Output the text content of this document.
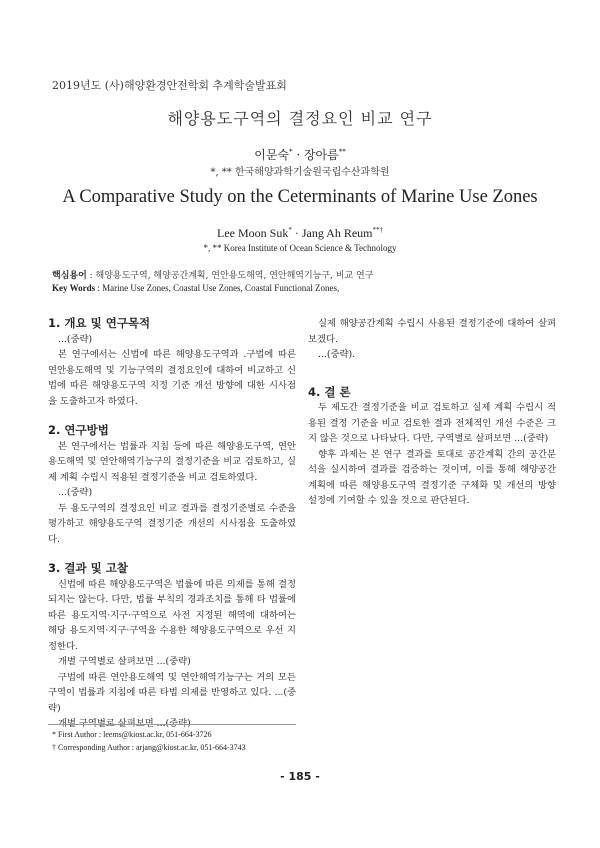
2019년도 (사)해양환경안전학회 추계학술발표회
해양용도구역의 결정요인 비교 연구
이문숙* · 장아름**
*, ** 한국해양과학기술원국립수산과학원
A Comparative Study on the Ceterminants of Marine Use Zones
Lee Moon Suk* · Jang Ah Reum**†
*, ** Korea Institute of Ocean Science & Technology
핵심용어 : 해양용도구역, 해양공간계획, 연안용도해역, 연안해역기능구, 비교 연구
Key Words : Marine Use Zones, Coastal Use Zones, Coastal Functional Zones,
1. 개요 및 연구목적

...(중략)

본 연구에서는 신법에 따른 해양용도구역과 .구법에 따른 연안용도해역 및 기능구역의 결정요인에 대하여 비교하고 신법에 따른 해양용도구역 지정 기준 개선 방향에 대한 시사점을 도출하고자 하였다.

2. 연구방법

본 연구에서는 법률과 지침 등에 따른 해양용도구역, 연안용도해역 및 연안해역기능구의 결정기준을 비교 검토하고, 실제 계획 수립시 적용된 결정기준을 비교 검토하였다.

...(중략)

두 용도구역의 결정요인 비교 결과를 결정기준별로 수준을 평가하고 해양용도구역 결정기준 개선의 시사점을 도출하였다.

3. 결과 및 고찰

신법에 따른 해양용도구역은 법률에 따른 의제를 통해 결정되지는 않는다. 다만, 법률 부칙의 경과조치를 통해 타 법률에 따른 용도지역·지구·구역으로 사전 지정된 해역에 대하여는 해당 용도지역·지구·구역을 수용한 해양용도구역으로 우선 지정한다.

개별 구역별로 살펴보면 ...(중략)

구법에 따른 연안용도해역 및 연안해역기능구는 거의 모든 구역이 법률과 지침에 따른 타법 의제를 반영하고 있다. ...(중략)

개별 구역별로 살펴보면 ...(중략)

실제 해양공간계획 수립시 사용된 결정기준에 대하여 살펴보겠다.

...(중략).

4. 결 론

두 제도간 결정기준을 비교 검토하고 실제 계획 수립시 적용된 결정 기준을 비교 검토한 결과 전체적인 개선 수준은 크지 않은 것으로 나타났다. 다만, 구역별로 살펴보면 ...(중략)

향후 과제는 본 연구 결과를 토대로 공간계획 간의 공간분석을 실시하여 결과를 검증하는 것이며, 이를 통해 해양공간계획에 따른 해양용도구역 결정기준 구체화 및 개선의 방향 설정에 기여할 수 있을 것으로 판단된다.

* First Author : leems@kiost.ac.kr, 051-664-3726
† Corresponding Author : arjang@kiost.ac.kr, 051-664-3743
- 185 -
